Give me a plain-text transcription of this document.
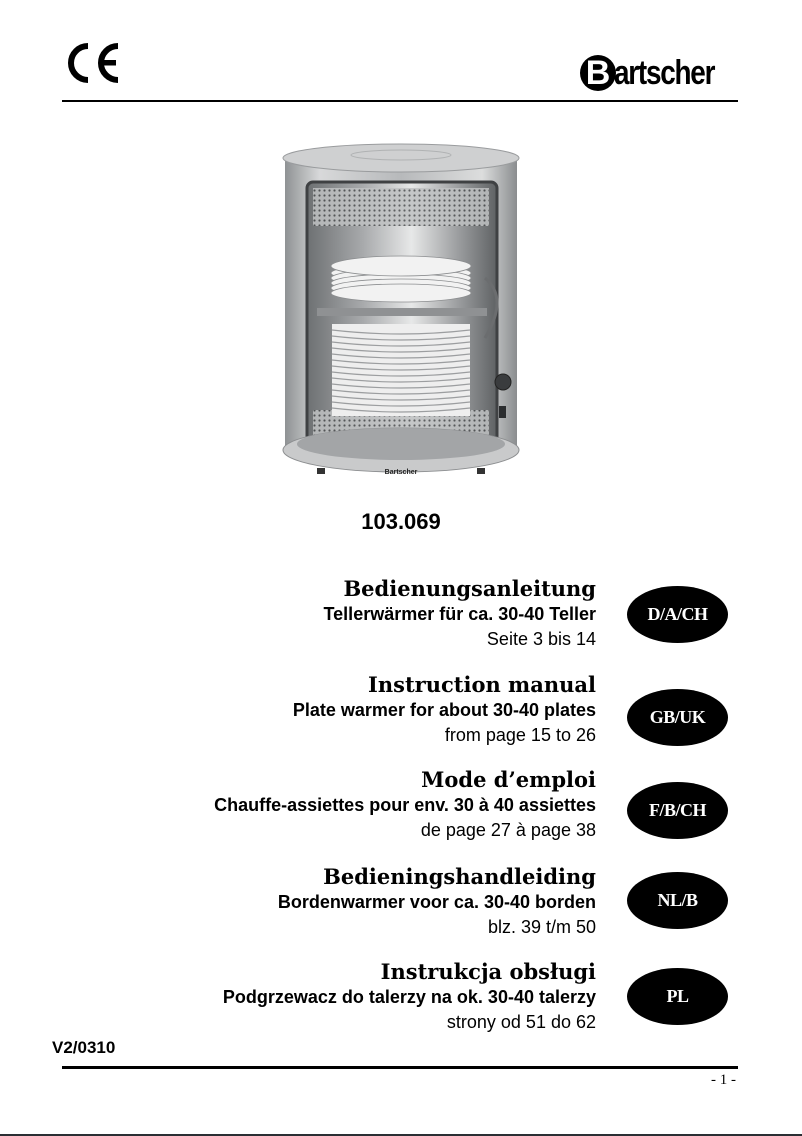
B artscher
Bartscher
103.069
Bedienungsanleitung
Tellerwärmer für ca. 30-40 Teller
Seite 3 bis 14
D/A/CH
Instruction manual
Plate warmer for about 30-40 plates
from page 15 to 26
GB/UK
Mode d’emploi
Chauffe-assiettes pour env. 30 à 40 assiettes
de page 27 à page 38
F/B/CH
Bedieningshandleiding
Bordenwarmer voor ca. 30-40 borden
blz. 39 t/m 50
NL/B
Instrukcja obsługi
Podgrzewacz do talerzy na ok. 30-40 talerzy
strony od 51 do 62
PL
V2/0310
- 1 -
